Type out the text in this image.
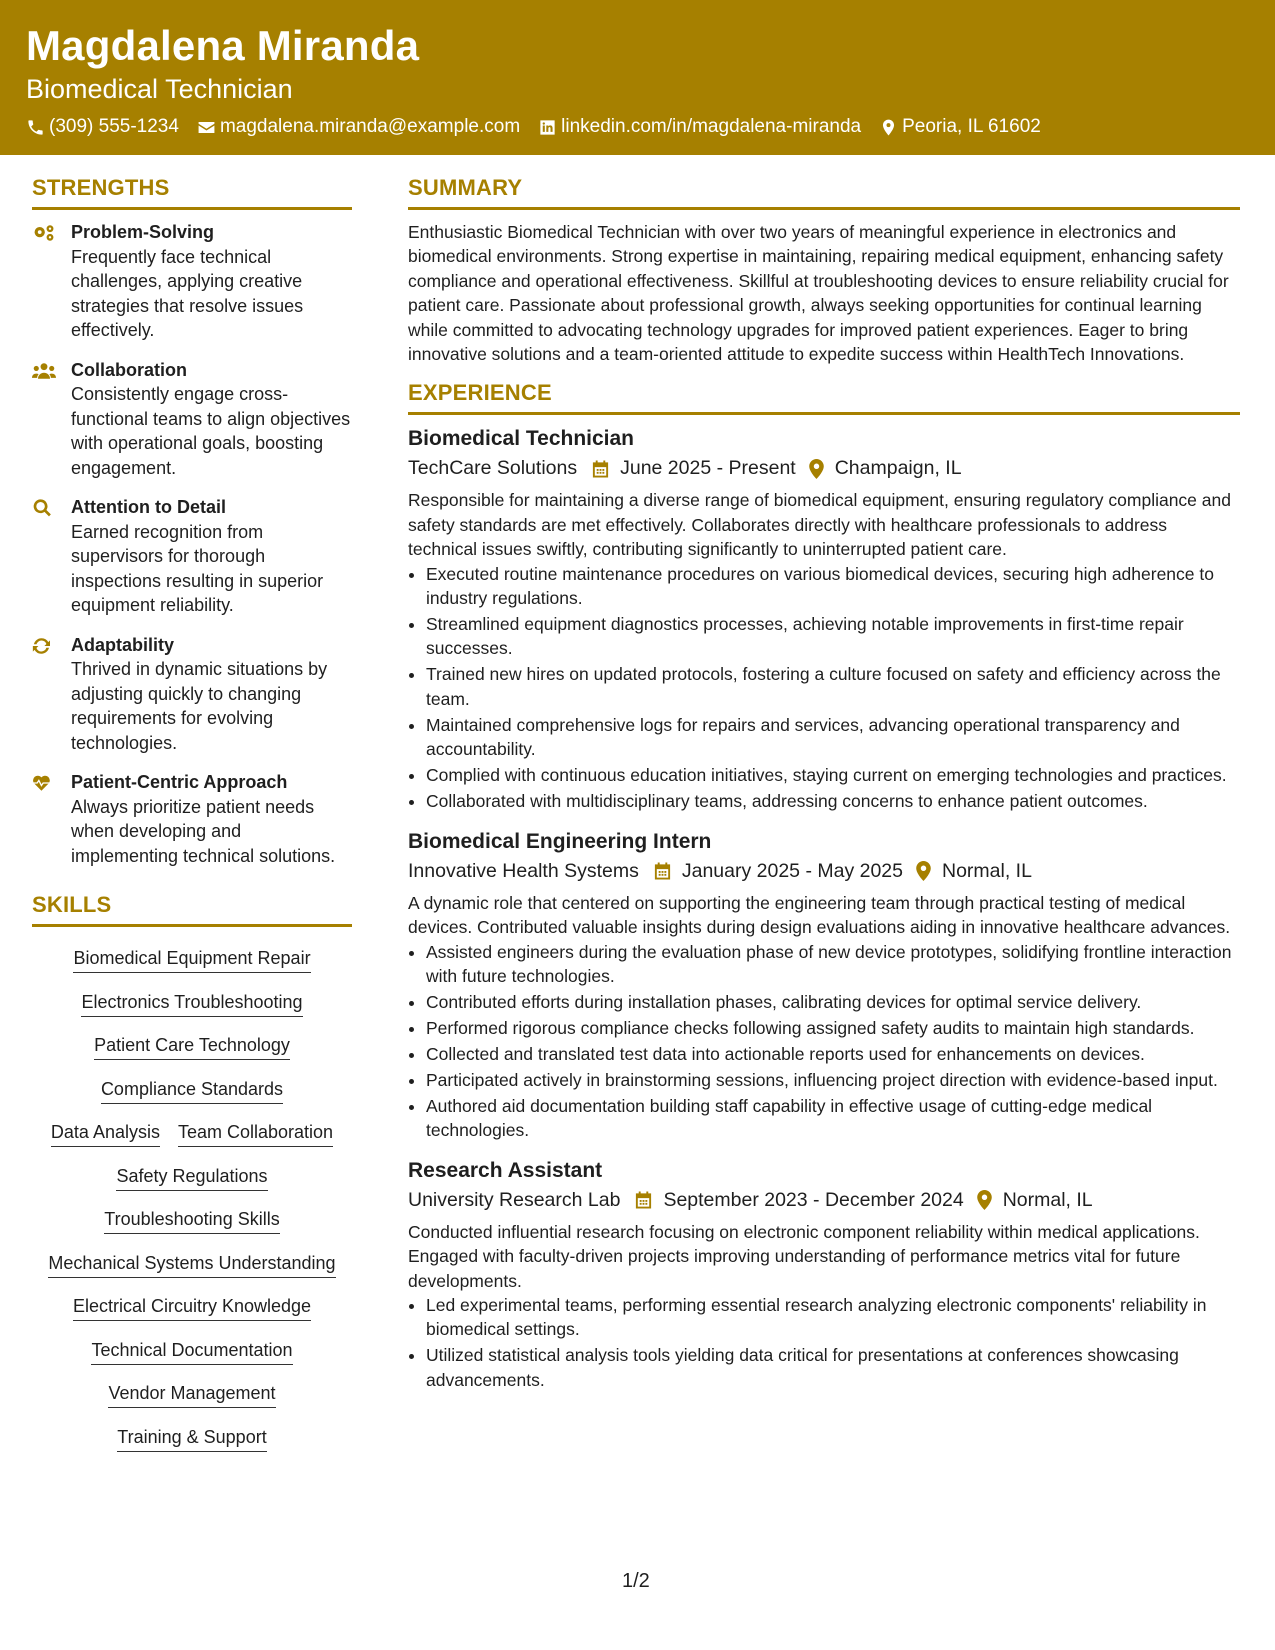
Magdalena Miranda
Biomedical Technician
(309) 555-1234 magdalena.miranda@example.com linkedin.com/in/magdalena-miranda Peoria, IL 61602
STRENGTHS
Problem-Solving
Frequently face technical challenges, applying creative strategies that resolve issues effectively.
Collaboration
Consistently engage cross-functional teams to align objectives with operational goals, boosting engagement.
Attention to Detail
Earned recognition from supervisors for thorough inspections resulting in superior equipment reliability.
Adaptability
Thrived in dynamic situations by adjusting quickly to changing requirements for evolving technologies.
Patient-Centric Approach
Always prioritize patient needs when developing and implementing technical solutions.
SKILLS
Biomedical Equipment Repair
Electronics Troubleshooting
Patient Care Technology
Compliance Standards
Data Analysis Team Collaboration
Safety Regulations
Troubleshooting Skills
Mechanical Systems Understanding
Electrical Circuitry Knowledge
Technical Documentation
Vendor Management
Training & Support
SUMMARY

Enthusiastic Biomedical Technician with over two years of meaningful experience in electronics and biomedical environments. Strong expertise in maintaining, repairing medical equipment, enhancing safety compliance and operational effectiveness. Skillful at troubleshooting devices to ensure reliability crucial for patient care. Passionate about professional growth, always seeking opportunities for continual learning while committed to advocating technology upgrades for improved patient experiences. Eager to bring innovative solutions and a team-oriented attitude to expedite success within HealthTech Innovations.

EXPERIENCE
Biomedical Technician
TechCare Solutions June 2025 - Present Champaign, IL

Responsible for maintaining a diverse range of biomedical equipment, ensuring regulatory compliance and safety standards are met effectively. Collaborates directly with healthcare professionals to address technical issues swiftly, contributing significantly to uninterrupted patient care.

• Executed routine maintenance procedures on various biomedical devices, securing high adherence to industry regulations.
• Streamlined equipment diagnostics processes, achieving notable improvements in first-time repair successes.
• Trained new hires on updated protocols, fostering a culture focused on safety and efficiency across the team.
• Maintained comprehensive logs for repairs and services, advancing operational transparency and accountability.
• Complied with continuous education initiatives, staying current on emerging technologies and practices.
• Collaborated with multidisciplinary teams, addressing concerns to enhance patient outcomes.
Biomedical Engineering Intern
Innovative Health Systems January 2025 - May 2025 Normal, IL

A dynamic role that centered on supporting the engineering team through practical testing of medical devices. Contributed valuable insights during design evaluations aiding in innovative healthcare advances.

• Assisted engineers during the evaluation phase of new device prototypes, solidifying frontline interaction with future technologies.
• Contributed efforts during installation phases, calibrating devices for optimal service delivery.
• Performed rigorous compliance checks following assigned safety audits to maintain high standards.
• Collected and translated test data into actionable reports used for enhancements on devices.
• Participated actively in brainstorming sessions, influencing project direction with evidence-based input.
• Authored aid documentation building staff capability in effective usage of cutting-edge medical technologies.
Research Assistant
University Research Lab September 2023 - December 2024 Normal, IL

Conducted influential research focusing on electronic component reliability within medical applications. Engaged with faculty-driven projects improving understanding of performance metrics vital for future developments.

• Led experimental teams, performing essential research analyzing electronic components' reliability in biomedical settings.
• Utilized statistical analysis tools yielding data critical for presentations at conferences showcasing advancements.
1/2
